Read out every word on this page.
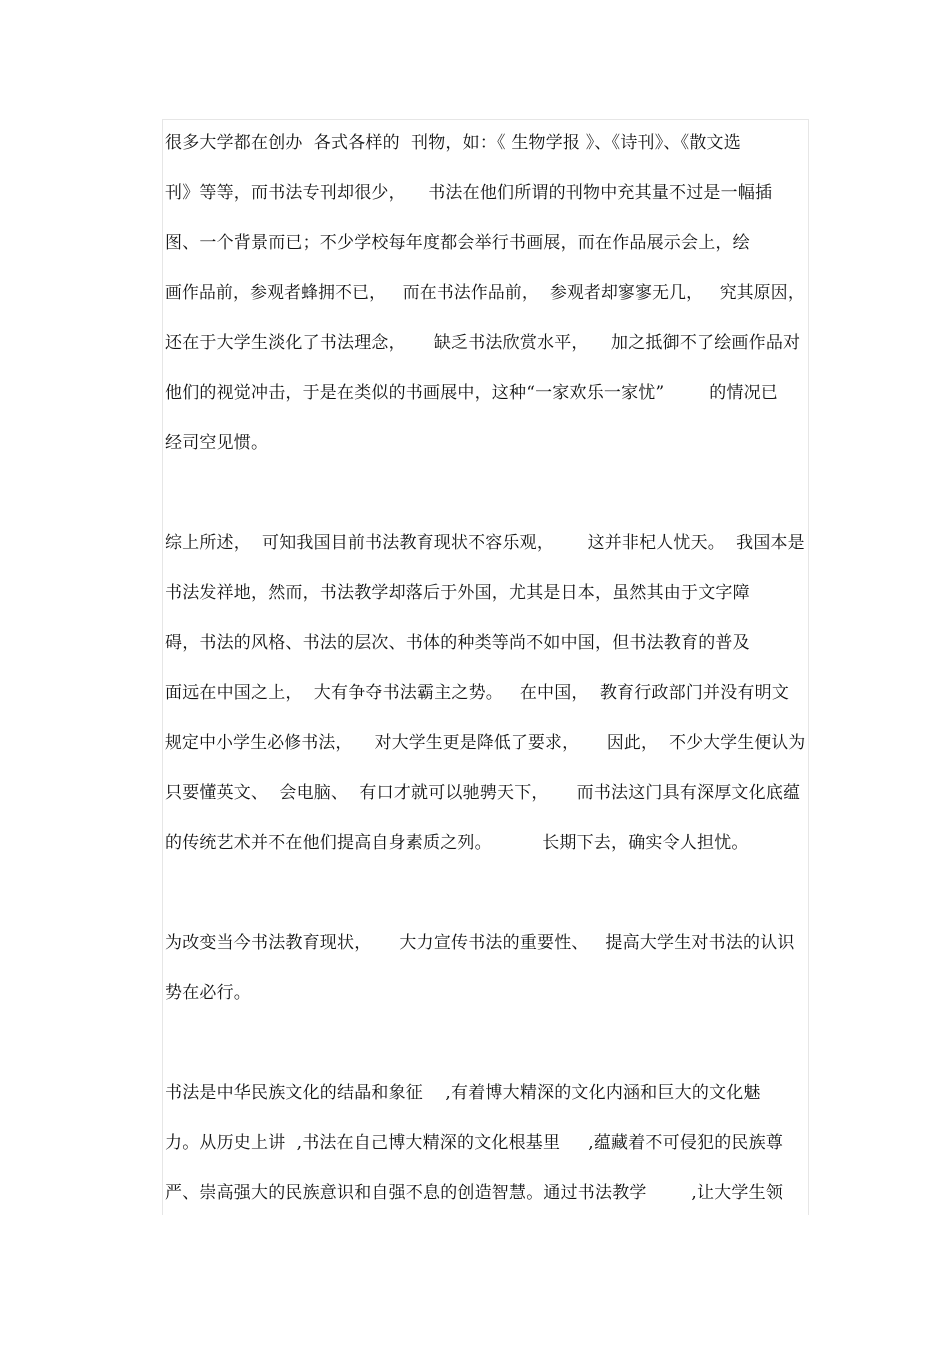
很多大学都在创办  各式各样的  刊物，如：《 生物学报 》、《诗刊》、《散文选
刊》等等，而书法专刊却很少，    书法在他们所谓的刊物中充其量不过是一幅插
图、一个背景而已；不少学校每年度都会举行书画展，而在作品展示会上，绘
画作品前，参观者蜂拥不已，   而在书法作品前，  参观者却寥寥无几，   究其原因，
还在于大学生淡化了书法理念，     缺乏书法欣赏水平，    加之抵御不了绘画作品对
他们的视觉冲击，于是在类似的书画展中，这种“一家欢乐一家忧”        的情况已
经司空见惯。
综上所述，  可知我国目前书法教育现状不容乐观，      这并非杞人忧天。  我国本是
书法发祥地，然而，书法教学却落后于外国，尤其是日本，虽然其由于文字障
碍，书法的风格、书法的层次、书体的种类等尚不如中国，但书法教育的普及
面远在中国之上，  大有争夺书法霸主之势。   在中国，  教育行政部门并没有明文
规定中小学生必修书法，    对大学生更是降低了要求，     因此，  不少大学生便认为
只要懂英文、  会电脑、  有口才就可以驰骋天下，     而书法这门具有深厚文化底蕴
的传统艺术并不在他们提高自身素质之列。         长期下去，确实令人担忧。
为改变当今书法教育现状，     大力宣传书法的重要性、   提高大学生对书法的认识
势在必行。
书法是中华民族文化的结晶和象征    ,有着博大精深的文化内涵和巨大的文化魅
力。从历史上讲  ,书法在自己博大精深的文化根基里     ,蕴藏着不可侵犯的民族尊
严、崇高强大的民族意识和自强不息的创造智慧。通过书法教学        ,让大学生领
